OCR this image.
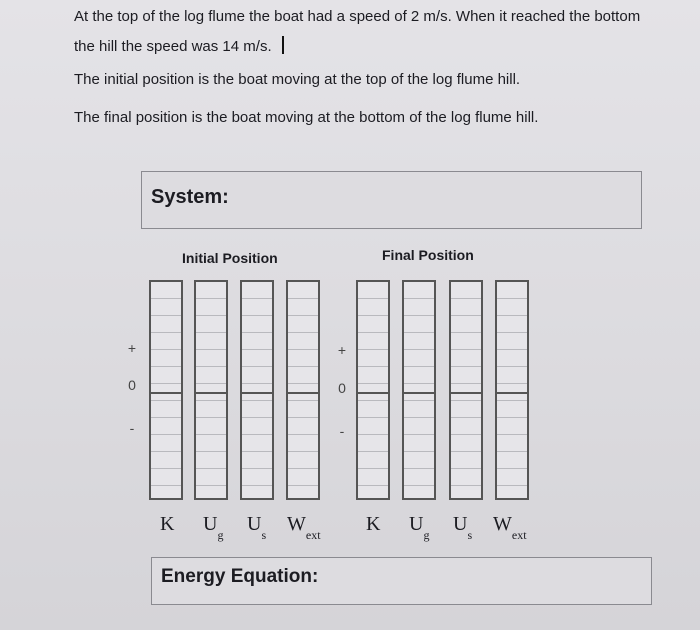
At the top of the log flume the boat had a speed of 2 m/s. When it reached the bottom
the hill the speed was 14 m/s.
The initial position is the boat moving at the top of the log flume hill.
The final position is the boat moving at the bottom of the log flume hill.
System:
Initial Position	Final Position
+
0
-
+
0
-
K $U_g$ $U_s$ $W_{ext}$ K $U_g$ $U_s$ $W_{ext}$
Energy Equation:
